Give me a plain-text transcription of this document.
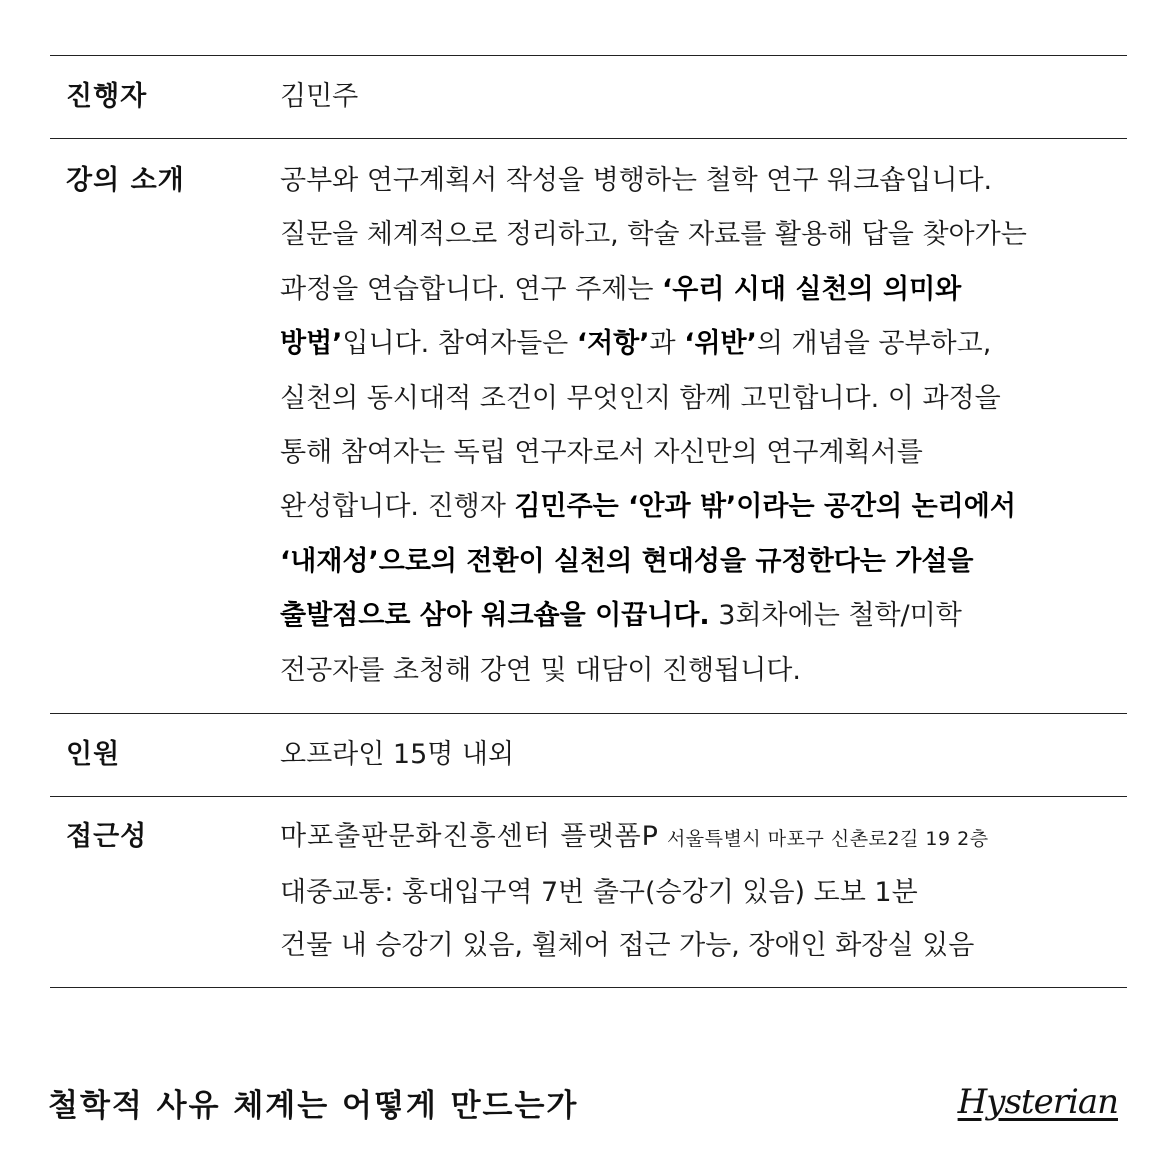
진행자	김민주
강의 소개	공부와 연구계획서 작성을 병행하는 철학 연구 워크숍입니다.

질문을 체계적으로 정리하고, 학술 자료를 활용해 답을 찾아가는

과정을 연습합니다. 연구 주제는 ‘우리 시대 실천의 의미와

방법’입니다. 참여자들은 ‘저항’과 ‘위반’의 개념을 공부하고,

실천의 동시대적 조건이 무엇인지 함께 고민합니다. 이 과정을

통해 참여자는 독립 연구자로서 자신만의 연구계획서를

완성합니다. 진행자 김민주는 ‘안과 밖’이라는 공간의 논리에서

‘내재성’으로의 전환이 실천의 현대성을 규정한다는 가설을

출발점으로 삼아 워크숍을 이끕니다. 3회차에는 철학/미학

전공자를 초청해 강연 및 대담이 진행됩니다.

인원	오프라인 15명 내외
접근성	마포출판문화진흥센터 플랫폼P 서울특별시 마포구 신촌로2길 19 2층

대중교통: 홍대입구역 7번 출구(승강기 있음) 도보 1분

건물 내 승강기 있음, 휠체어 접근 가능, 장애인 화장실 있음

철학적 사유 체계는 어떻게 만드는가	Hysterian
